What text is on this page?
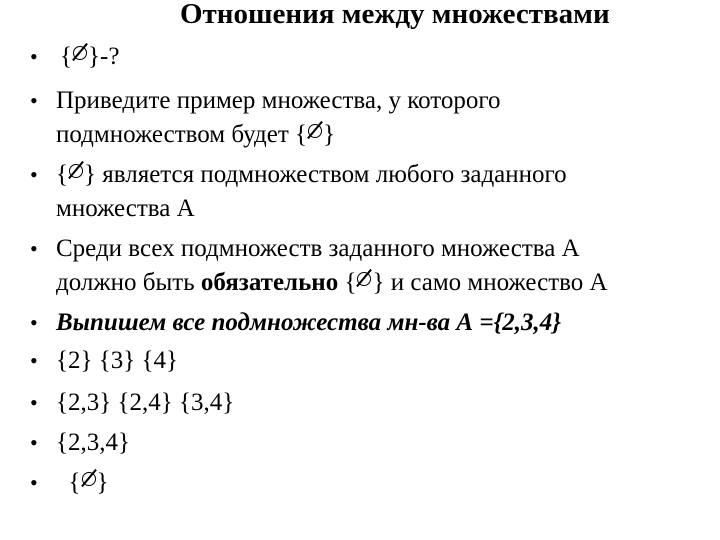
Отношения между множествами
• { }-?
• Приведите пример множества, у которого
подмножеством будет { }
• { } является подмножеством любого заданного
множества А
• Среди всех подмножеств заданного множества А
должно быть обязательно { } и само множество А
• Выпишем все подмножества мн-ва А ={2,3,4}
• {2} {3} {4}
• {2,3} {2,4} {3,4}
• {2,3,4}
• { }
